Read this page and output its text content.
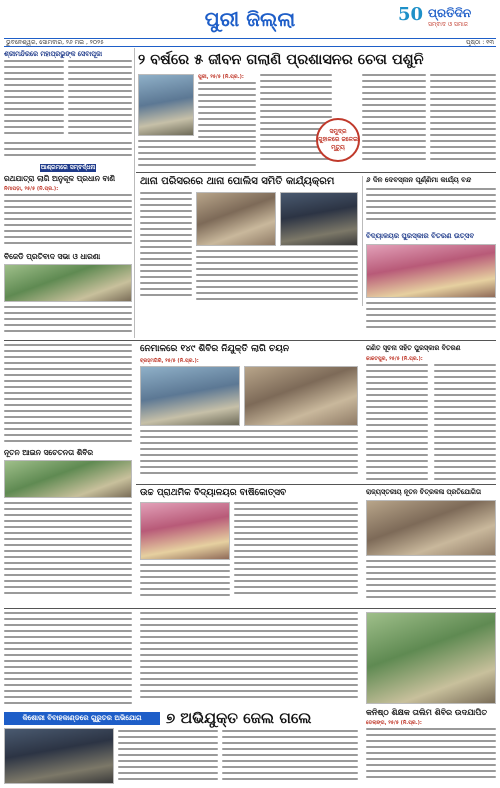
ପୁରୀ ଜିଲ୍ଲା	50 ପ୍ରତିଦିନ
ସମ୍ବାଦ ଓ ସମାଜ
ଭୁବନେଶ୍ୱର, ସୋମବାର, ୨୬ ମଇ , ୨୦୨୫	ପୃଷ୍ଠା : ୧୩
ଶ୍ରୀମନ୍ଦିରରେ ମହାପ୍ରଭୁଙ୍କ ସେବାପୂଜା	୨ ବର୍ଷରେ ୫ ଜୀବନ ଗଲାଣି ପ୍ରଶାସନର ଚେତା ପଶୁନି
ପୁରୀ, ୨୫/୫ (ନି.ପ୍ର.):
ସମୁଦ୍ର ଗୁହାଳରେ ଜଳେଇ ମୃତ୍ୟୁ
ଆଶ୍ରମରେ ସମ୍ବର୍ଦ୍ଧନା
ରଥଯାତ୍ରା ଲାଗି ଅନୁକୂଳ ପ୍ରଧାନ ବାଣି
ନିମାପଡ଼ା, ୨୫/୫ (ନି.ପ୍ର.):
ବିଜେଡି ପ୍ରତିବାଦ ସଭା ଓ ଧାରଣା
ଥାନା ପରିସରରେ ଥାନା ପୋଲିସ ସମିତି କାର୍ଯ୍ୟକ୍ରମ	୬ ଦିନ ଦେବସ୍ନାନ ପୂର୍ଣ୍ଣିମା କାର୍ଯ୍ୟ ବନ୍ଦ
ବିଦ୍ୟାଳୟର ପୁରସ୍କାର ବିତରଣ ଉତ୍ସବ
ନେମାଳରେ ୧୪୯ ଶିବିର ନିଯୁକ୍ତି ଲାଗି ଚୟନ
ବ୍ରହ୍ମଗିରି, ୨୫/୫ (ନି.ପ୍ର.):
ନୂତନ ଆଇନ ସଚେତନତା ଶିବିର
ଗଣିତ ସୂଚନା ସହିତ ପୁରସ୍କାର ବିତରଣ
କାକଟପୁର, ୨୫/୫ (ନି.ପ୍ର.):
ଉଚ୍ଚ ପ୍ରାଥମିକ ବିଦ୍ୟାଳୟର ବାର୍ଷିକୋତ୍ସବ	ରାଜ୍ୟସ୍ତରୀୟ ନୂତନ ଚିତ୍ରକଳା ପ୍ରତିଯୋଗିତା
କିଶୋରୀ ବିବାହକାଣ୍ଡରେ ଗୁରୁତର ଅଭିଯୋଗ	୭ ଅଭିଯୁକ୍ତ ଜେଲ ଗଲେ	କନିଷ୍ଠ ଶିକ୍ଷକ ତାଲିମ ଶିବିର ଉଦଯାପିତ
ଡେଲାଙ୍ଗ, ୨୫/୫ (ନି.ପ୍ର.):
